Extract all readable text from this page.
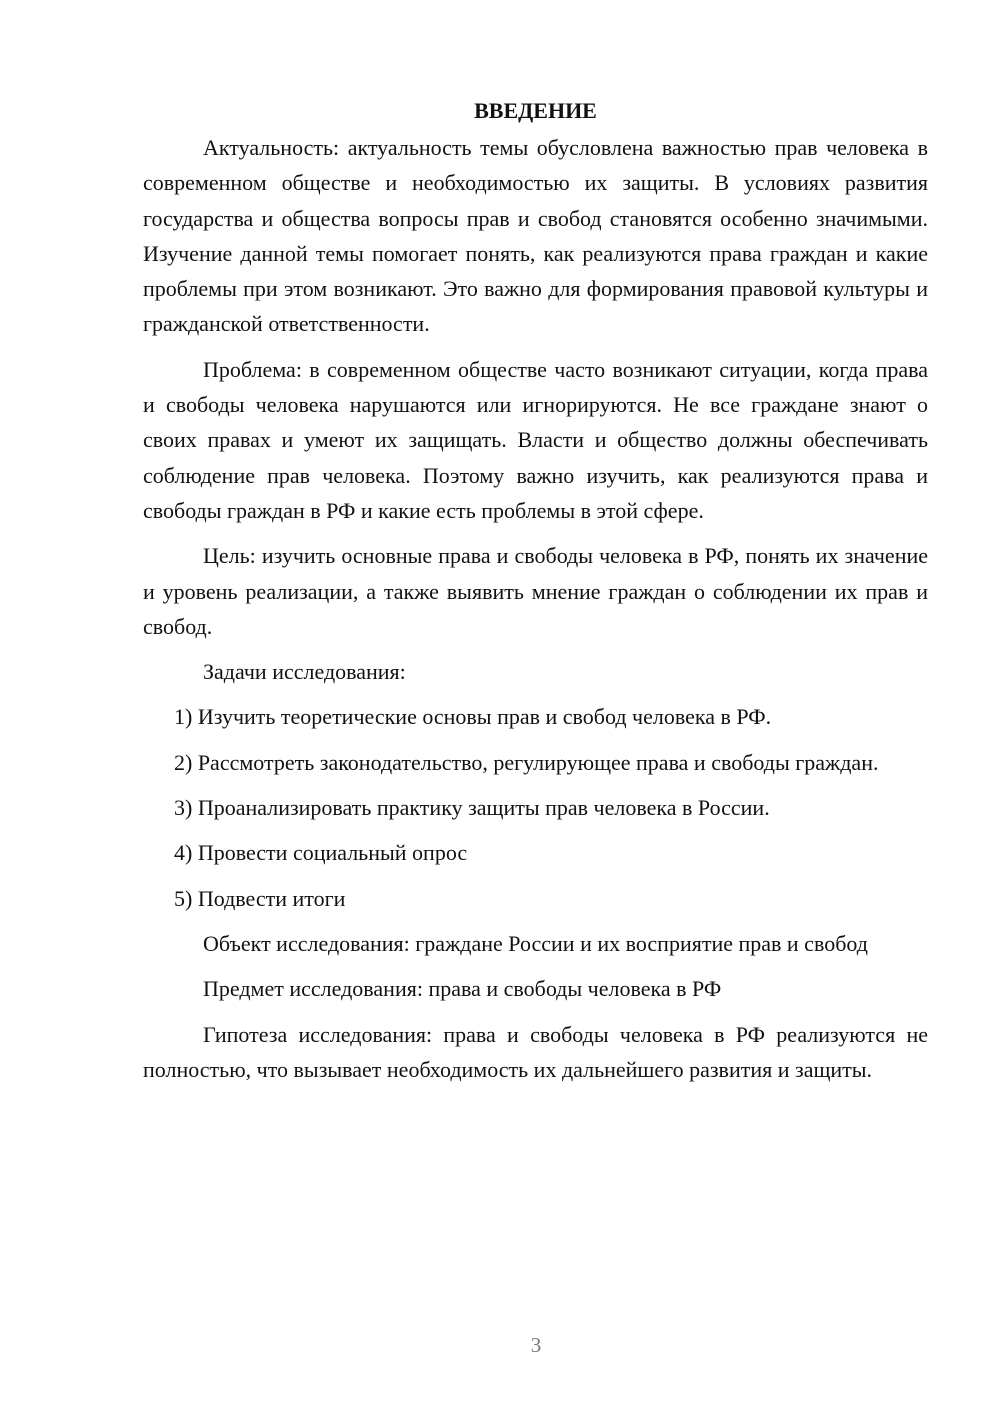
ВВЕДЕНИЕ

Актуальность: актуальность темы обусловлена важностью прав человека в современном обществе и необходимостью их защиты. В условиях развития государства и общества вопросы прав и свобод становятся особенно значимыми. Изучение данной темы помогает понять, как реализуются права граждан и какие проблемы при этом возникают. Это важно для формирования правовой культуры и гражданской ответственности.

Проблема: в современном обществе часто возникают ситуации, когда права и свободы человека нарушаются или игнорируются. Не все граждане знают о своих правах и умеют их защищать. Власти и общество должны обеспечивать соблюдение прав человека. Поэтому важно изучить, как реализуются права и свободы граждан в РФ и какие есть проблемы в этой сфере.

Цель: изучить основные права и свободы человека в РФ, понять их значение и уровень реализации, а также выявить мнение граждан о соблюдении их прав и свобод.

Задачи исследования:

1) Изучить теоретические основы прав и свобод человека в РФ.

2) Рассмотреть законодательство, регулирующее права и свободы граждан.

3) Проанализировать практику защиты прав человека в России.

4) Провести социальный опрос

5) Подвести итоги

Объект исследования: граждане России и их восприятие прав и свобод

Предмет исследования: права и свободы человека в РФ

Гипотеза исследования: права и свободы человека в РФ реализуются не полностью, что вызывает необходимость их дальнейшего развития и защиты.

3
